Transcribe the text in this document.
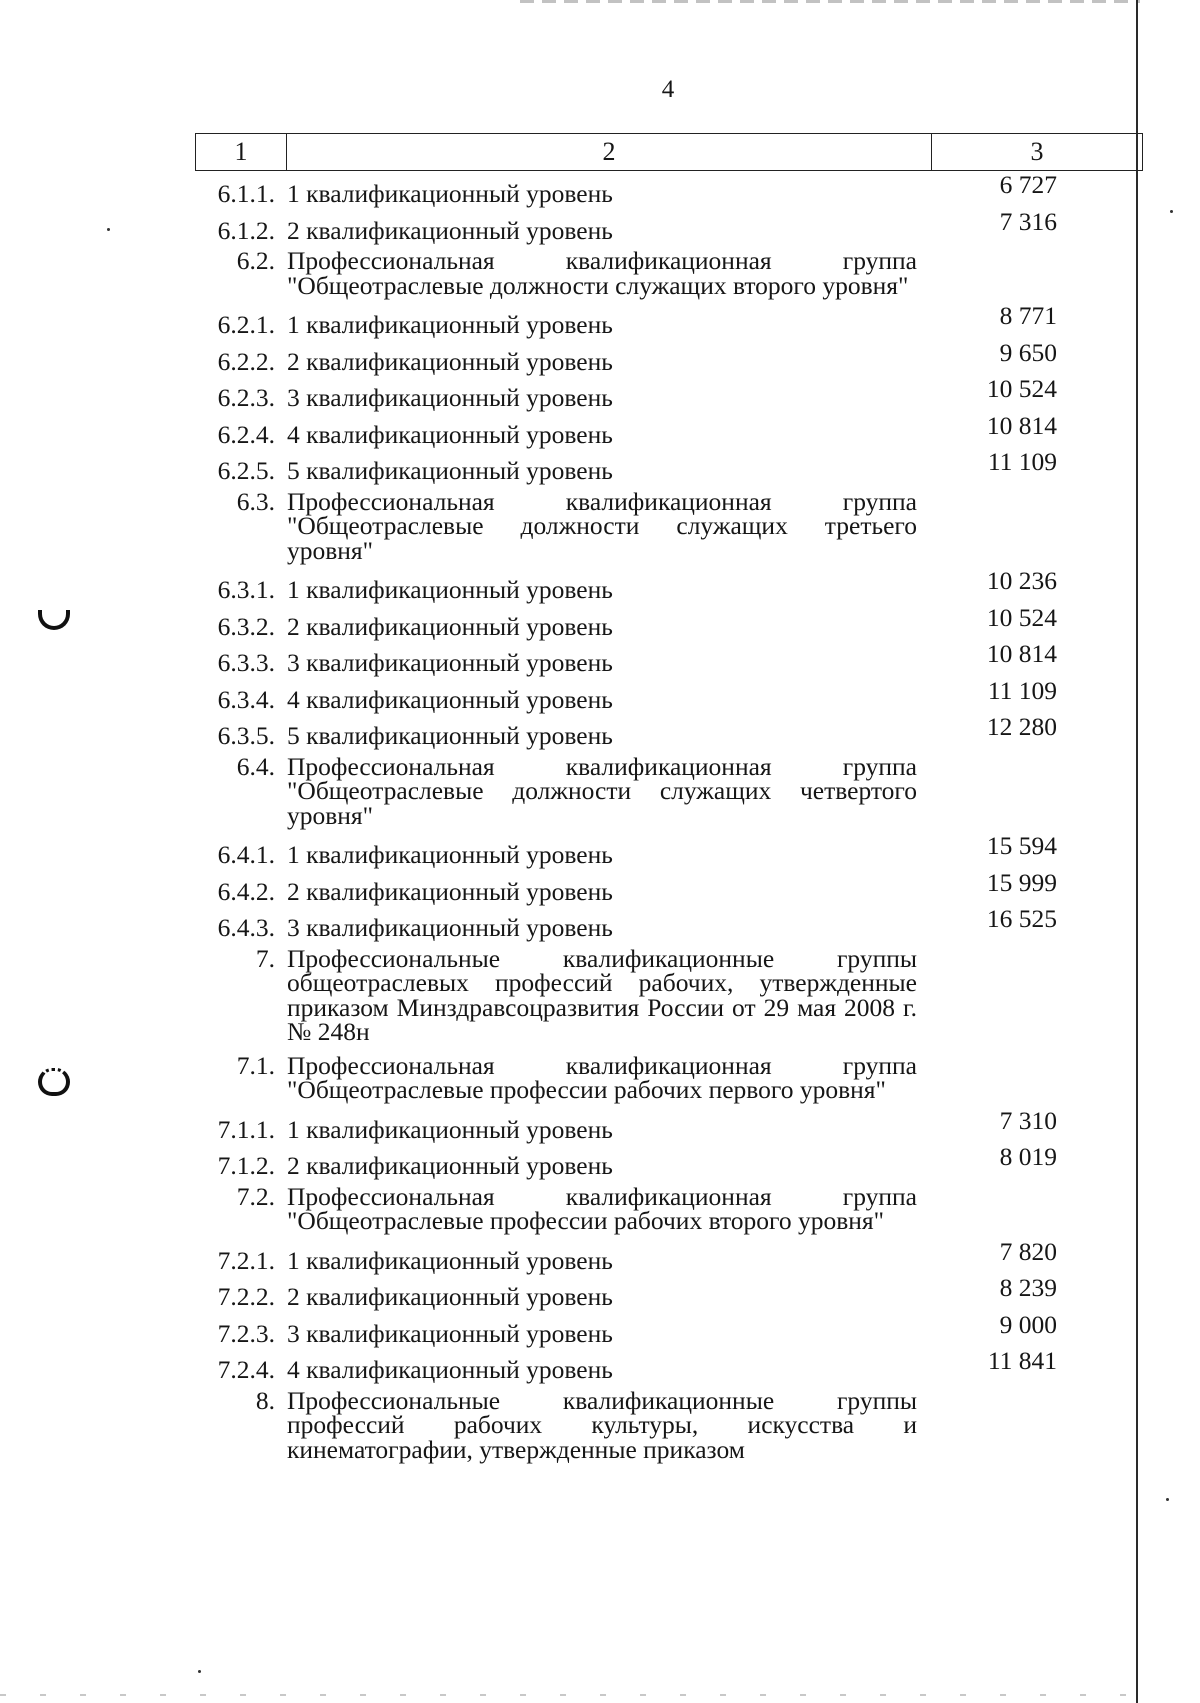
4
1	2	3
6.1.1. 1 квалификационный уровень	6 727
6.1.2. 2 квалификационный уровень	7 316
6.2. Профессиональная квалификационная группа "Общеотраслевые должности служащих второго уровня"
6.2.1. 1 квалификационный уровень	8 771
6.2.2. 2 квалификационный уровень	9 650
6.2.3. 3 квалификационный уровень	10 524
6.2.4. 4 квалификационный уровень	10 814
6.2.5. 5 квалификационный уровень	11 109
6.3. Профессиональная квалификационная группа "Общеотраслевые должности служащих третьего уровня"
6.3.1. 1 квалификационный уровень	10 236
6.3.2. 2 квалификационный уровень	10 524
6.3.3. 3 квалификационный уровень	10 814
6.3.4. 4 квалификационный уровень	11 109
6.3.5. 5 квалификационный уровень	12 280
6.4. Профессиональная квалификационная группа "Общеотраслевые должности служащих четвертого уровня"
6.4.1. 1 квалификационный уровень	15 594
6.4.2. 2 квалификационный уровень	15 999
6.4.3. 3 квалификационный уровень	16 525
7. Профессиональные квалификационные группы общеотраслевых профессий рабочих, утвержденные приказом Минздравсоцразвития России от 29 мая 2008 г. № 248н
7.1. Профессиональная квалификационная группа "Общеотраслевые профессии рабочих первого уровня"
7.1.1. 1 квалификационный уровень	7 310
7.1.2. 2 квалификационный уровень	8 019
7.2. Профессиональная квалификационная группа "Общеотраслевые профессии рабочих второго уровня"
7.2.1. 1 квалификационный уровень	7 820
7.2.2. 2 квалификационный уровень	8 239
7.2.3. 3 квалификационный уровень	9 000
7.2.4. 4 квалификационный уровень	11 841
8. Профессиональные квалификационные группы профессий рабочих культуры, искусства и кинематографии, утвержденные приказом
